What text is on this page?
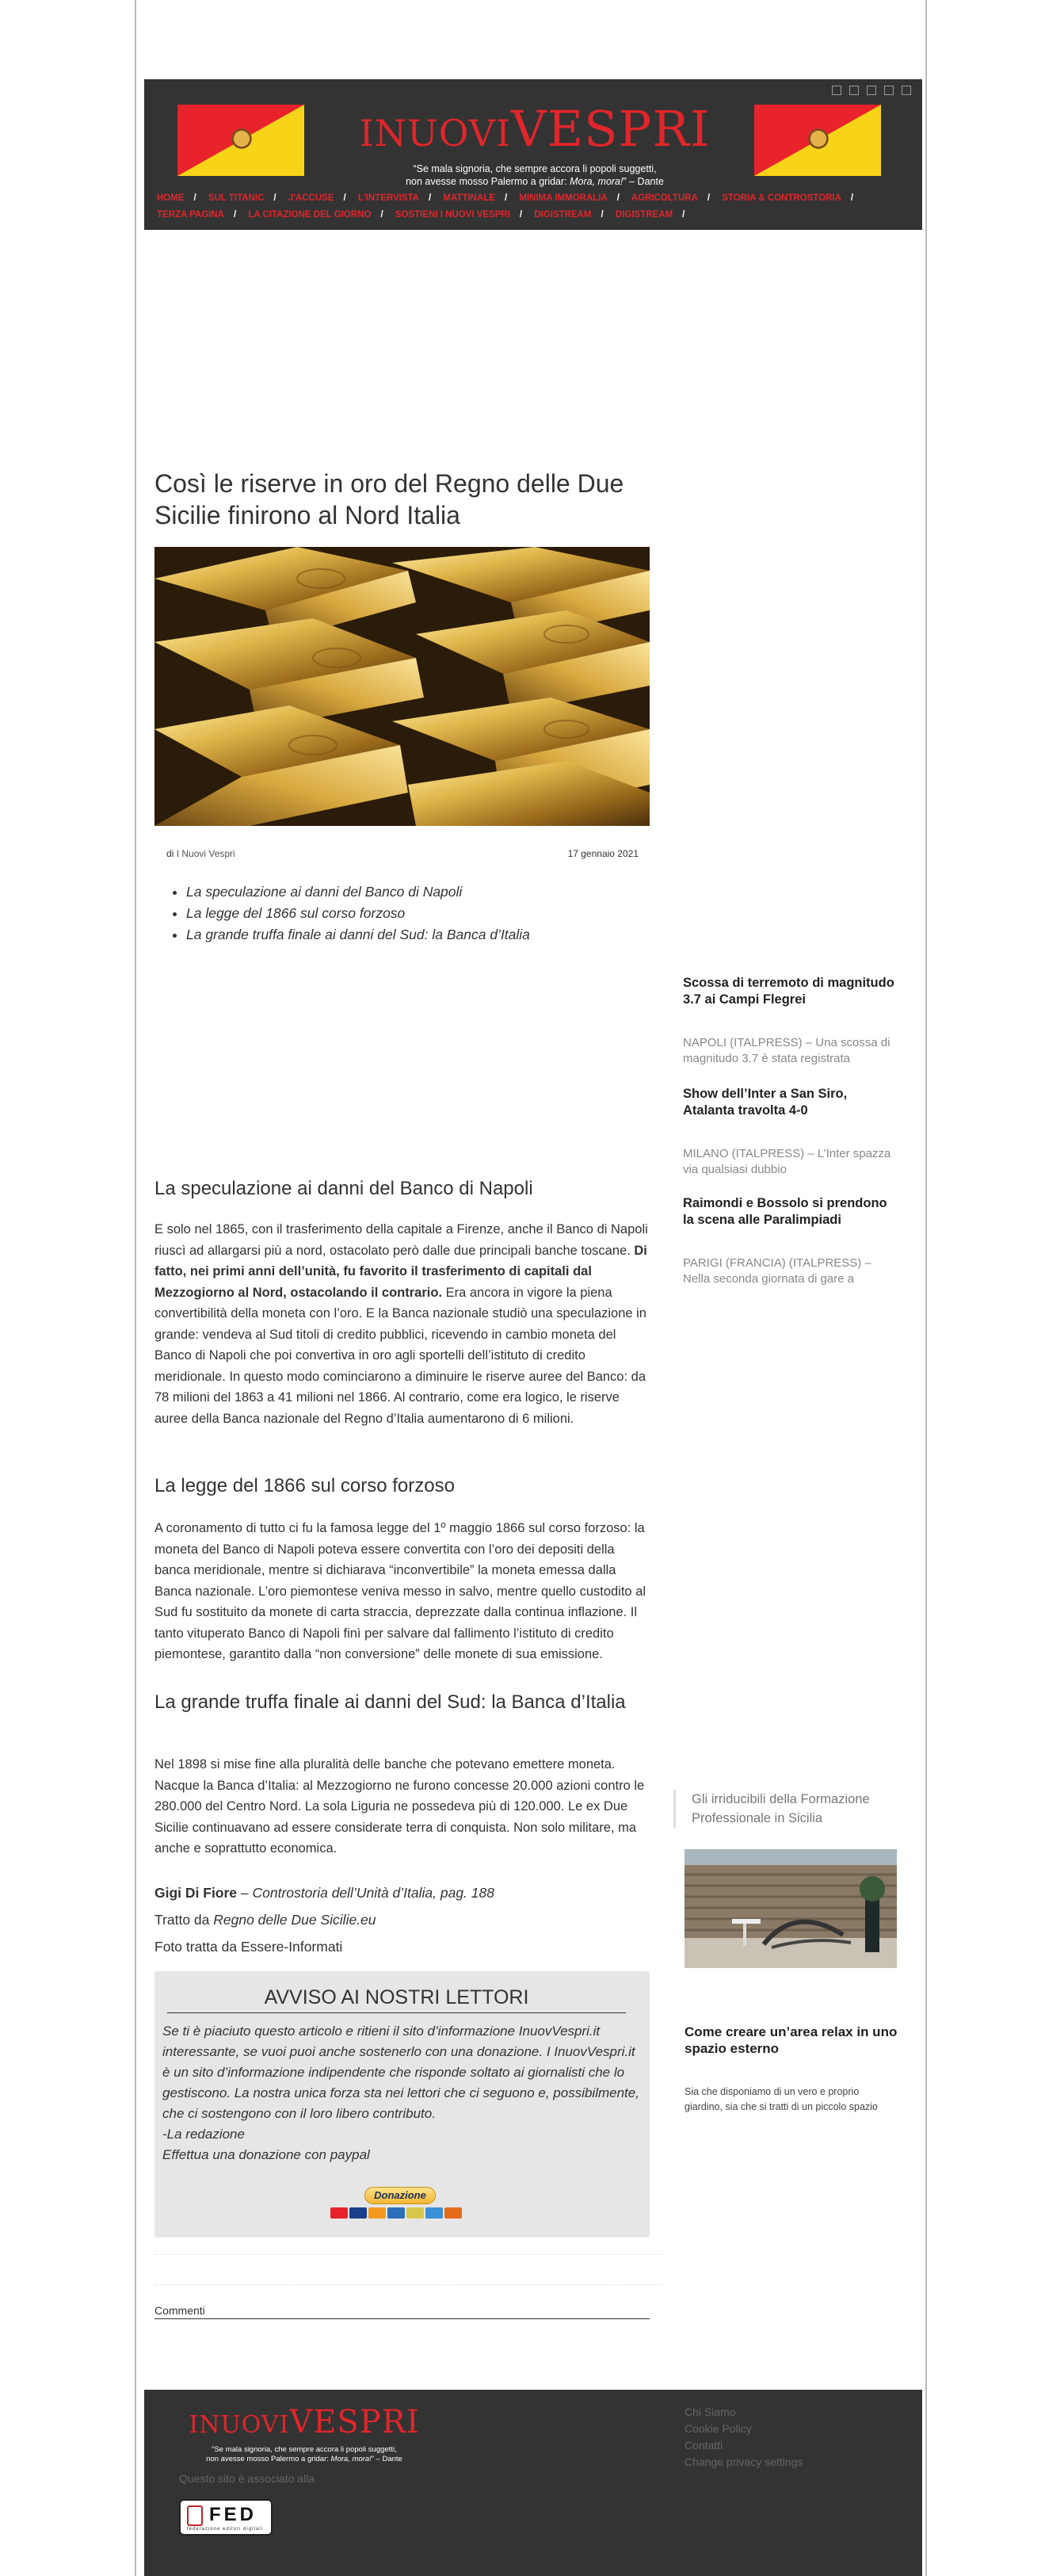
INUOVIVESPRI
“Se mala signoria, che sempre accora li popoli suggetti,
non avesse mosso Palermo a gridar: Mora, mora!” – Dante
HOME / SUL TITANIC / J'ACCUSE / L'INTERVISTA / MATTINALE / MINIMA IMMORALIA / AGRICOLTURA / STORIA & CONTROSTORIA /
TERZA PAGINA / LA CITAZIONE DEL GIORNO / SOSTIENI I NUOVI VESPRI / DIGISTREAM / DIGISTREAM /
Così le riserve in oro del Regno delle Due Sicilie finirono al Nord Italia
di I Nuovi Vespri	17 gennaio 2021
• La speculazione ai danni del Banco di Napoli
• La legge del 1866 sul corso forzoso
• La grande truffa finale ai danni del Sud: la Banca d’Italia
La speculazione ai danni del Banco di Napoli

E solo nel 1865, con il trasferimento della capitale a Firenze, anche il Banco di Napoli riuscì ad allargarsi più a nord, ostacolato però dalle due principali banche toscane. Di fatto, nei primi anni dell’unità, fu favorito il trasferimento di capitali dal Mezzogiorno al Nord, ostacolando il contrario. Era ancora in vigore la piena convertibilità della moneta con l’oro. E la Banca nazionale studiò una speculazione in grande: vendeva al Sud titoli di credito pubblici, ricevendo in cambio moneta del Banco di Napoli che poi convertiva in oro agli sportelli dell’istituto di credito meridionale. In questo modo cominciarono a diminuire le riserve auree del Banco: da 78 milioni del 1863 a 41 milioni nel 1866. Al contrario, come era logico, le riserve auree della Banca nazionale del Regno d’Italia aumentarono di 6 milioni.

La legge del 1866 sul corso forzoso

A coronamento di tutto ci fu la famosa legge del 1º maggio 1866 sul corso forzoso: la moneta del Banco di Napoli poteva essere convertita con l’oro dei depositi della banca meridionale, mentre si dichiarava “inconvertibile” la moneta emessa dalla Banca nazionale. L’oro piemontese veniva messo in salvo, mentre quello custodito al Sud fu sostituito da monete di carta straccia, deprezzate dalla continua inflazione. Il tanto vituperato Banco di Napoli finì per salvare dal fallimento l’istituto di credito piemontese, garantito dalla “non conversione” delle monete di sua emissione.

La grande truffa finale ai danni del Sud: la Banca d’Italia

Nel 1898 si mise fine alla pluralità delle banche che potevano emettere moneta. Nacque la Banca d’Italia: al Mezzogiorno ne furono concesse 20.000 azioni contro le 280.000 del Centro Nord. La sola Liguria ne possedeva più di 120.000. Le ex Due Sicilie continuavano ad essere considerate terra di conquista. Non solo militare, ma anche e soprattutto economica.

Gigi Di Fiore – Controstoria dell’Unità d’Italia, pag. 188

Tratto da Regno delle Due Sicilie.eu

Foto tratta da Essere-Informati

AVVISO AI NOSTRI LETTORI
Se ti è piaciuto questo articolo e ritieni il sito d’informazione InuovVespri.it interessante, se vuoi puoi anche sostenerlo con una donazione. I InuovVespri.it è un sito d’informazione indipendente che risponde soltato ai giornalisti che lo gestiscono. La nostra unica forza sta nei lettori che ci seguono e, possibilmente, che ci sostengono con il loro libero contributo.
-La redazione
Effettua una donazione con paypal
Donazione
Commenti
Scossa di terremoto di magnitudo 3.7 ai Campi Flegrei
NAPOLI (ITALPRESS) – Una scossa di magnitudo 3.7 è stata registrata
Show dell’Inter a San Siro, Atalanta travolta 4-0
MILANO (ITALPRESS) – L’Inter spazza via qualsiasi dubbio
Raimondi e Bossolo si prendono la scena alle Paralimpiadi
PARIGI (FRANCIA) (ITALPRESS) – Nella seconda giornata di gare a
Gli irriducibili della Formazione Professionale in Sicilia
Come creare un’area relax in uno spazio esterno
Sia che disponiamo di un vero e proprio giardino, sia che si tratti di un piccolo spazio
INUOVIVESPRI
“Se mala signoria, che sempre accora li popoli suggetti,
non avesse mosso Palermo a gridar: Mora, mora!” – Dante
Questo sito è associato alla
FED
federazione editori digitali
Chi Siamo
Cookie Policy
Contatti
Change privacy settings
